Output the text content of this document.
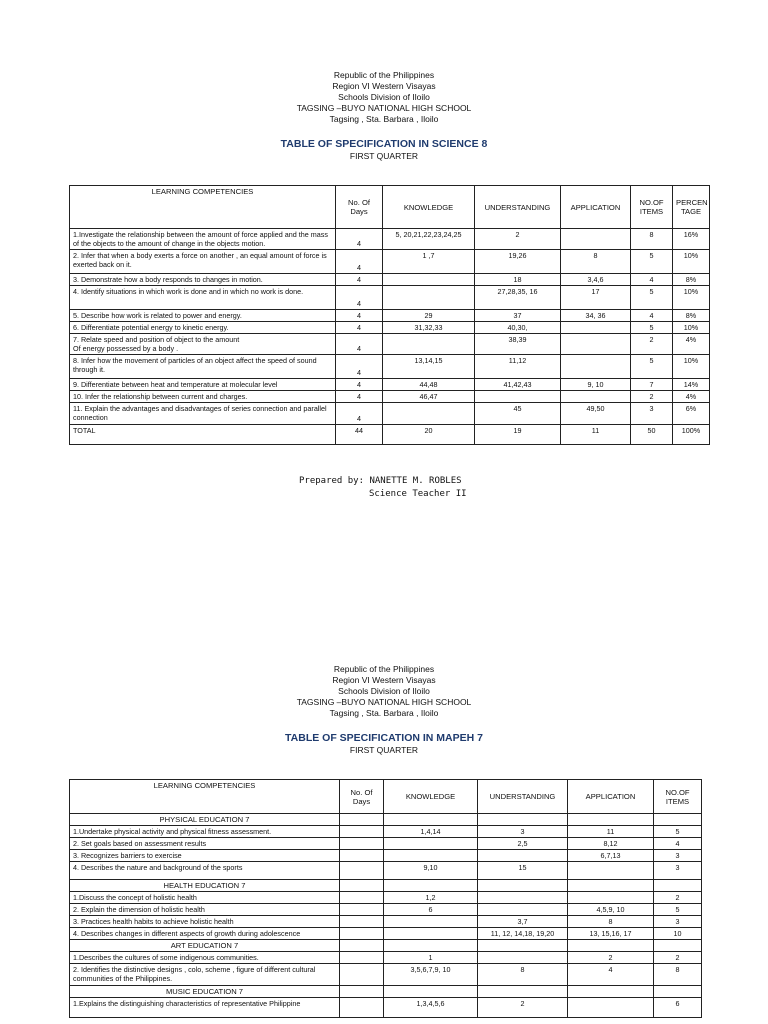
Republic of the Philippines
Region VI Western Visayas
Schools Division of Iloilo
TAGSING –BUYO NATIONAL HIGH SCHOOL
Tagsing , Sta. Barbara , Iloilo
TABLE OF SPECIFICATION IN SCIENCE 8
FIRST QUARTER
LEARNING COMPETENCIES	No. Of Days	KNOWLEDGE	UNDERSTANDING	APPLICATION	NO.OF ITEMS	PERCEN TAGE
1.Investigate the relationship between the amount of force applied and the mass of the objects to the amount of change in the objects motion.	4	5, 20,21,22,23,24,25	2		8	16%
2. Infer that when a body exerts a force on another , an equal amount of force is exerted back on it.	4	1 ,7	19,26	8	5	10%
3. Demonstrate how a body responds to changes in motion.	4		18	3,4,6	4	8%
4. Identify situations in which work is done and in which no work is done.	4		27,28,35, 16	17	5	10%
5. Describe how work is related to power and energy.	4	29	37	34, 36	4	8%
6. Differentiate potential energy to kinetic energy.	4	31,32,33	40,30,		5	10%
7. Relate speed and position of object to the amount
Of energy possessed by a body .	4		38,39		2	4%
8. Infer how the movement of particles of an object affect the speed of sound through it.	4	13,14,15	11,12		5	10%
9. Differentiate between heat and temperature at molecular level	4	44,48	41,42,43	9, 10	7	14%
10. Infer the relationship between current and charges.	4	46,47			2	4%
11. Explain the advantages and disadvantages of series connection and parallel connection	4		45	49,50	3	6%
TOTAL	44	20	19	11	50	100%
Prepared by: NANETTE M. ROBLES
Science Teacher II
Republic of the Philippines
Region VI Western Visayas
Schools Division of Iloilo
TAGSING –BUYO NATIONAL HIGH SCHOOL
Tagsing , Sta. Barbara , Iloilo
TABLE OF SPECIFICATION IN MAPEH 7
FIRST QUARTER
LEARNING COMPETENCIES	No. Of Days	KNOWLEDGE	UNDERSTANDING	APPLICATION	NO.OF ITEMS
PHYSICAL EDUCATION 7					
1.Undertake physical activity and physical fitness assessment.		1,4,14	3	11	5
2. Set goals based on assessment results			2,5	8,12	4
3. Recognizes barriers to exercise				6,7,13	3
4. Describes the nature and background of the sports		9,10	15		3
HEALTH EDUCATION 7					
1.Discuss the concept of holistic health		1,2			2
2. Explain the dimension of holistic health		6		4,5,9, 10	5
3. Practices health habits to achieve holistic health			3,7	8	3
4. Describes changes in different aspects of growth during adolescence			11, 12, 14,18, 19,20	13, 15,16, 17	10
ART EDUCATION 7					
1.Describes the cultures of some indigenous communities.		1		2	2
2. Identifies the distinctive designs , colo, scheme , figure of different cultural communities of the Philippines.		3,5,6,7,9, 10	8	4	8
MUSIC EDUCATION 7					
1.Explains the distinguishing characteristics of representative Philippine		1,3,4,5,6	2		6
